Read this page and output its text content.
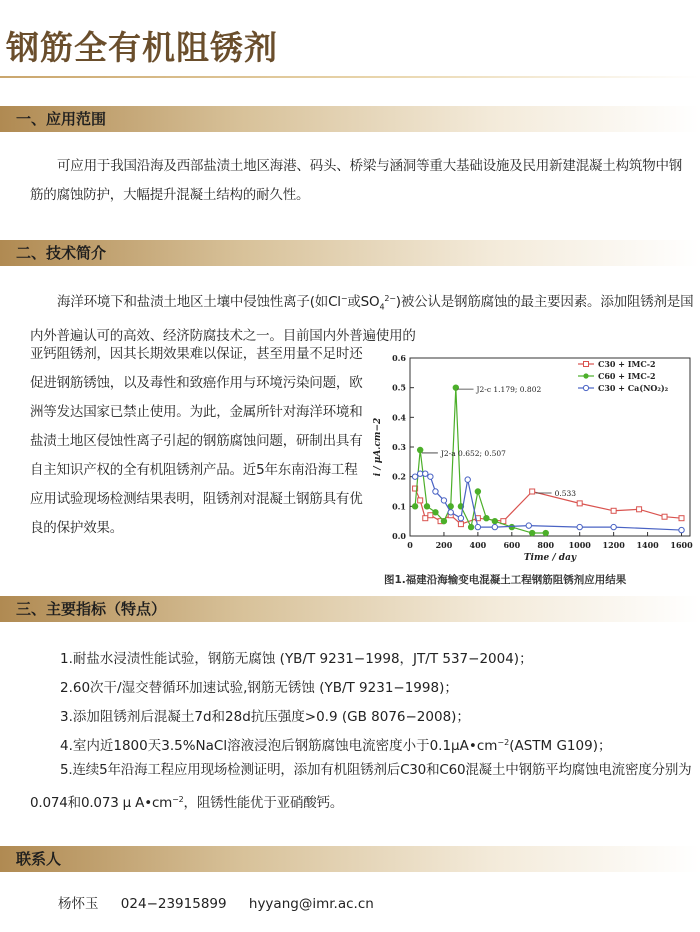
钢筋全有机阻锈剂
一、应用范围

可应用于我国沿海及西部盐渍土地区海港、码头、桥梁与涵洞等重大基础设施及民用新建混凝土构筑物中钢筋的腐蚀防护，大幅提升混凝土结构的耐久性。

二、技术简介

海洋环境下和盐渍土地区土壤中侵蚀性离子(如Cl−或$SO_4^{2-}$)被公认是钢筋腐蚀的最主要因素。添加阻锈剂是国内外普遍认可的高效、经济防腐技术之一。目前国内外普遍使用的

亚钙阻锈剂，因其长期效果难以保证，甚至用量不足时还促进钢筋锈蚀，以及毒性和致癌作用与环境污染问题，欧洲等发达国家已禁止使用。为此，金属所针对海洋环境和盐渍土地区侵蚀性离子引起的钢筋腐蚀问题，研制出具有自主知识产权的全有机阻锈剂产品。近5年东南沿海工程应用试验现场检测结果表明，阻锈剂对混凝土钢筋具有优良的保护效果。

0	200 400 600 800 1000 1200 1400 1600
0.0
0.1
0.2
0.3
0.4
0.5
0.6
Time / day
i / μA.cm−2
C30 + IMC-2
C60 + IMC-2
C30 + Ca(NO₂)₂
J2-c 1.179; 0.802
J2-a 0.652; 0.507
0.533

图1.福建沿海输变电混凝土工程钢筋阻锈剂应用结果

三、主要指标（特点）
1.耐盐水浸渍性能试验，钢筋无腐蚀 (YB/T 9231−1998，JT/T 537−2004)；
2.60次干/湿交替循环加速试验,钢筋无锈蚀 (YB/T 9231−1998)；
3.添加阻锈剂后混凝土7d和28d抗压强度>0.9 (GB 8076−2008)；
4.室内近1800天3.5%NaCl溶液浸泡后钢筋腐蚀电流密度小于$0.1\mu A•cm^{-2}(ASTM$ G109)；
5.连续5年沿海工程应用现场检测证明，添加有机阻锈剂后C30和C60混凝土中钢筋平均腐蚀电流密度分别为0.074和0.073 μ $A•cm^{-2}$，阻锈性能优于亚硝酸钙。
联系人
杨怀玉 024−23915899 hyyang@imr.ac.cn
